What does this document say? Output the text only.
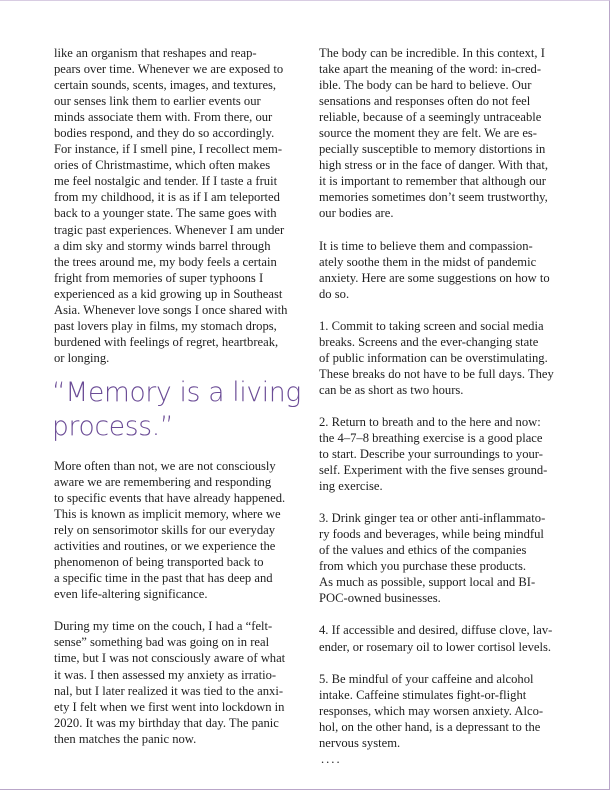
like an organism that reshapes and reap-
pears over time. Whenever we are exposed to
certain sounds, scents, images, and textures,
our senses link them to earlier events our
minds associate them with. From there, our
bodies respond, and they do so accordingly.
For instance, if I smell pine, I recollect mem-
ories of Christmastime, which often makes
me feel nostalgic and tender. If I taste a fruit
from my childhood, it is as if I am teleported
back to a younger state. The same goes with
tragic past experiences. Whenever I am under
a dim sky and stormy winds barrel through
the trees around me, my body feels a certain
fright from memories of super typhoons I
experienced as a kid growing up in Southeast
Asia. Whenever love songs I once shared with
past lovers play in films, my stomach drops,
burdened with feelings of regret, heartbreak,
or longing.
“Memory is a living
process.”
More often than not, we are not consciously
aware we are remembering and responding
to specific events that have already happened.
This is known as implicit memory, where we
rely on sensorimotor skills for our everyday
activities and routines, or we experience the
phenomenon of being transported back to
a specific time in the past that has deep and
even life-altering significance.
During my time on the couch, I had a “felt-
sense” something bad was going on in real
time, but I was not consciously aware of what
it was. I then assessed my anxiety as irratio-
nal, but I later realized it was tied to the anxi-
ety I felt when we first went into lockdown in
2020. It was my birthday that day. The panic
then matches the panic now.
The body can be incredible. In this context, I
take apart the meaning of the word: in-cred-
ible. The body can be hard to believe. Our
sensations and responses often do not feel
reliable, because of a seemingly untraceable
source the moment they are felt. We are es-
pecially susceptible to memory distortions in
high stress or in the face of danger. With that,
it is important to remember that although our
memories sometimes don’t seem trustworthy,
our bodies are.
It is time to believe them and compassion-
ately soothe them in the midst of pandemic
anxiety. Here are some suggestions on how to
do so.
1. Commit to taking screen and social media
breaks. Screens and the ever-changing state
of public information can be overstimulating.
These breaks do not have to be full days. They
can be as short as two hours.
2. Return to breath and to the here and now:
the 4–7–8 breathing exercise is a good place
to start. Describe your surroundings to your-
self. Experiment with the five senses ground-
ing exercise.
3. Drink ginger tea or other anti-inflammato-
ry foods and beverages, while being mindful
of the values and ethics of the companies
from which you purchase these products.
As much as possible, support local and BI-
POC-owned businesses.
4. If accessible and desired, diffuse clove, lav-
ender, or rosemary oil to lower cortisol levels.
5. Be mindful of your caffeine and alcohol
intake. Caffeine stimulates fight-or-flight
responses, which may worsen anxiety. Alco-
hol, on the other hand, is a depressant to the
nervous system.
....
